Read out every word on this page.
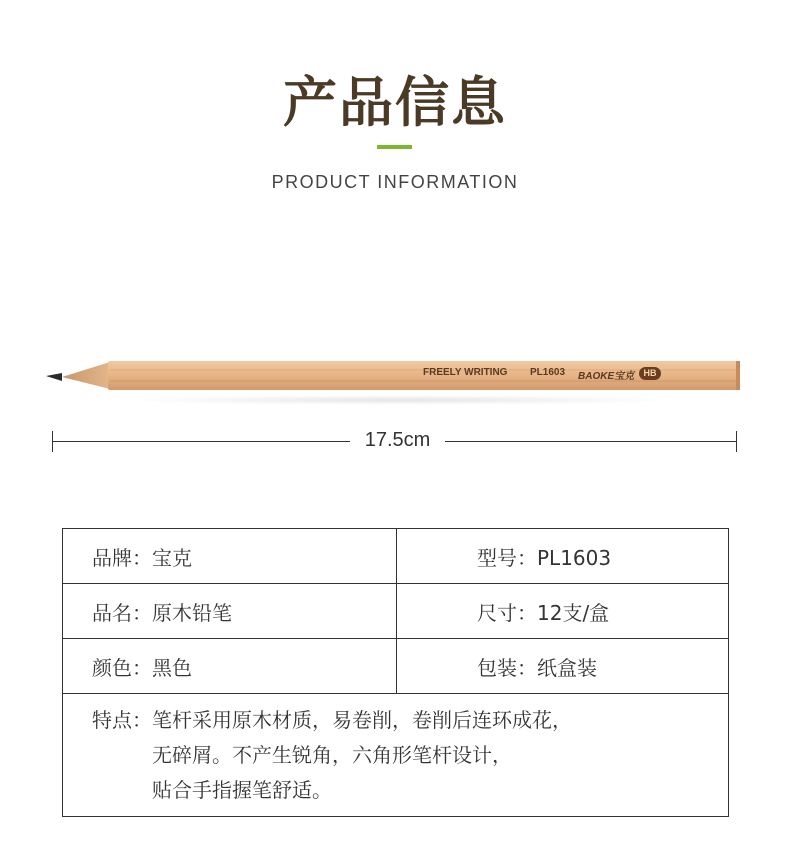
产品信息
PRODUCT INFORMATION
FREELY WRITING PL1603 BAOKE宝克	HB
17.5cm
品牌：宝克	型号：PL1603
品名：原木铅笔	尺寸：12支/盒
颜色：黑色	包装：纸盒装

特点： 笔杆采用原木材质，易卷削，卷削后连环成花，
无碎屑。不产生锐角，六角形笔杆设计，
贴合手指握笔舒适。	
